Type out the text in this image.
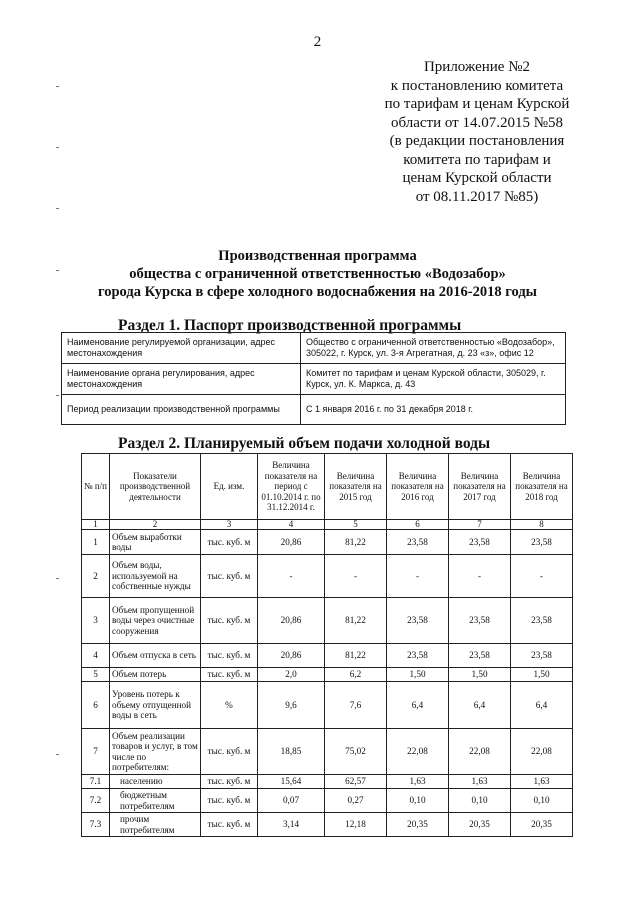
2
Приложение №2
к постановлению комитета
по тарифам и ценам Курской
области от 14.07.2015 №58
(в редакции постановления
комитета по тарифам и
ценам Курской области
от 08.11.2017 №85)
Производственная программа
общества с ограниченной ответственностью «Водозабор»
города Курска в сфере холодного водоснабжения на 2016-2018 годы
Раздел 1. Паспорт производственной программы
Наименование регулируемой организации, адрес местонахождения	Общество с ограниченной ответственностью «Водозабор», 305022, г. Курск, ул. 3-я Агрегатная, д. 23 «з», офис 12
Наименование органа регулирования, адрес местонахождения	Комитет по тарифам и ценам Курской области, 305029, г. Курск, ул. К. Маркса, д. 43
Период реализации производственной программы	С 1 января 2016 г. по 31 декабря 2018 г.
Раздел 2. Планируемый объем подачи холодной воды
№ п/п	Показатели производственной деятельности	Ед. изм.	Величина показателя на период с 01.10.2014 г. по 31.12.2014 г.	Величина показателя на 2015 год	Величина показателя на 2016 год	Величина показателя на 2017 год	Величина показателя на 2018 год
1	2	3	4	5	6	7	8
1	Объем выработки воды	тыс. куб. м	20,86	81,22	23,58	23,58	23,58
2	Объем воды, используемой на собственные нужды	тыс. куб. м	-	-	-	-	-
3	Объем пропущенной воды через очистные сооружения	тыс. куб. м	20,86	81,22	23,58	23,58	23,58
4	Объем отпуска в сеть	тыс. куб. м	20,86	81,22	23,58	23,58	23,58
5	Объем потерь	тыс. куб. м	2,0	6,2	1,50	1,50	1,50
6	Уровень потерь к объему отпущенной воды в сеть	%	9,6	7,6	6,4	6,4	6,4
7	Объем реализации товаров и услуг, в том числе по потребителям:	тыс. куб. м	18,85	75,02	22,08	22,08	22,08
7.1	населению	тыс. куб. м	15,64	62,57	1,63	1,63	1,63
7.2	бюджетным потребителям	тыс. куб. м	0,07	0,27	0,10	0,10	0,10
7.3	прочим потребителям	тыс. куб. м	3,14	12,18	20,35	20,35	20,35
